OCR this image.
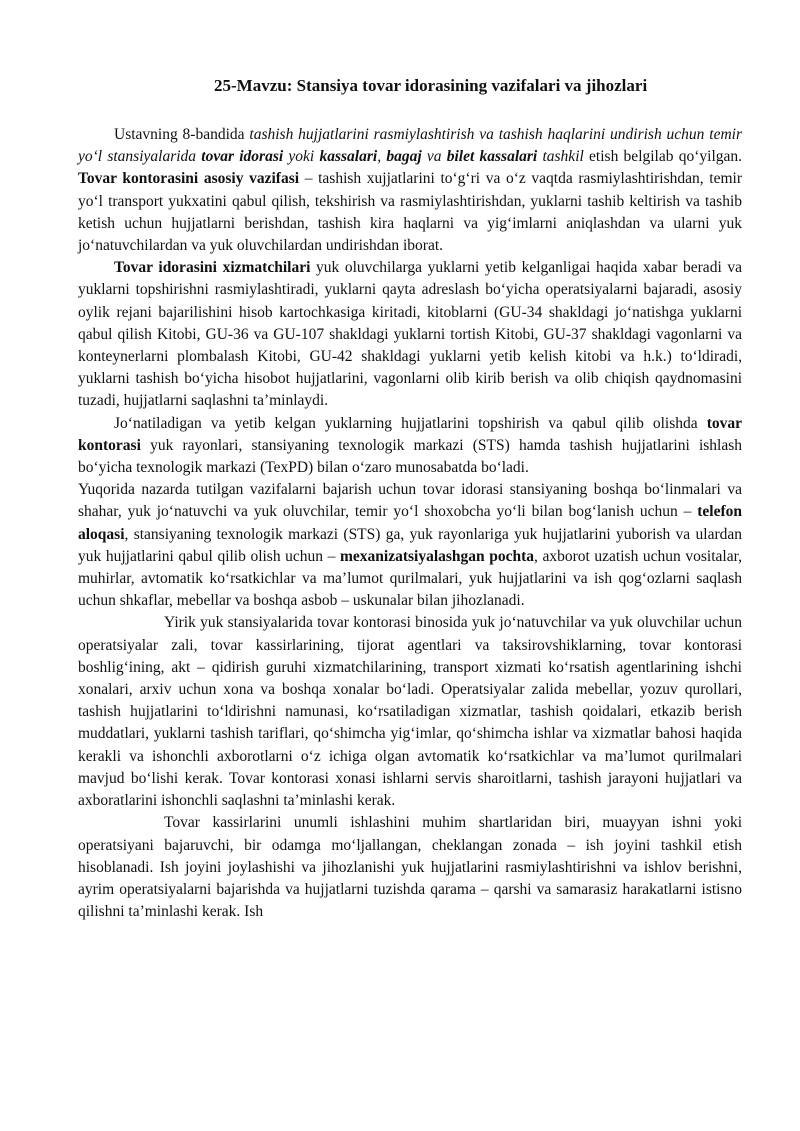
25-Mavzu: Stansiya tovar idorasining vazifalari va jihozlari

Ustavning 8-bandida tashish hujjatlarini rasmiylashtirish va tashish haqlarini undirish uchun temir yo‘l stansiyalarida tovar idorasi yoki kassalari, bagaj va bilet kassalari tashkil etish belgilab qo‘yilgan. Tovar kontorasini asosiy vazifasi – tashish xujjatlarini to‘g‘ri va o‘z vaqtda rasmiylashtirishdan, temir yo‘l transport yukxatini qabul qilish, tekshirish va rasmiylashtirishdan, yuklarni tashib keltirish va tashib ketish uchun hujjatlarni berishdan, tashish kira haqlarni va yig‘imlarni aniqlashdan va ularni yuk jo‘natuvchilardan va yuk oluvchilardan undirishdan iborat.

Tovar idorasini xizmatchilari yuk oluvchilarga yuklarni yetib kelganligai haqida xabar beradi va yuklarni topshirishni rasmiylashtiradi, yuklarni qayta adreslash bo‘yicha operatsiyalarni bajaradi, asosiy oylik rejani bajarilishini hisob kartochkasiga kiritadi, kitoblarni (GU-34 shakldagi jo‘natishga yuklarni qabul qilish Kitobi, GU-36 va GU-107 shakldagi yuklarni tortish Kitobi, GU-37 shakldagi vagonlarni va konteynerlarni plombalash Kitobi, GU-42 shakldagi yuklarni yetib kelish kitobi va h.k.) to‘ldiradi, yuklarni tashish bo‘yicha hisobot hujjatlarini, vagonlarni olib kirib berish va olib chiqish qaydnomasini tuzadi, hujjatlarni saqlashni ta’minlaydi.

Jo‘natiladigan va yetib kelgan yuklarning hujjatlarini topshirish va qabul qilib olishda tovar kontorasi yuk rayonlari, stansiyaning texnologik markazi (STS) hamda tashish hujjatlarini ishlash bo‘yicha texnologik markazi (TexPD) bilan o‘zaro munosabatda bo‘ladi.

Yuqorida nazarda tutilgan vazifalarni bajarish uchun tovar idorasi stansiyaning boshqa bo‘linmalari va shahar, yuk jo‘natuvchi va yuk oluvchilar, temir yo‘l shoxobcha yo‘li bilan bog‘lanish uchun – telefon aloqasi, stansiyaning texnologik markazi (STS) ga, yuk rayonlariga yuk hujjatlarini yuborish va ulardan yuk hujjatlarini qabul qilib olish uchun – mexanizatsiyalashgan pochta, axborot uzatish uchun vositalar, muhirlar, avtomatik ko‘rsatkichlar va ma’lumot qurilmalari, yuk hujjatlarini va ish qog‘ozlarni saqlash uchun shkaflar, mebellar va boshqa asbob – uskunalar bilan jihozlanadi.

Yirik yuk stansiyalarida tovar kontorasi binosida yuk jo‘natuvchilar va yuk oluvchilar uchun operatsiyalar zali, tovar kassirlarining, tijorat agentlari va taksirovshiklarning, tovar kontorasi boshlig‘ining, akt – qidirish guruhi xizmatchilarining, transport xizmati ko‘rsatish agentlarining ishchi xonalari, arxiv uchun xona va boshqa xonalar bo‘ladi. Operatsiyalar zalida mebellar, yozuv qurollari, tashish hujjatlarini to‘ldirishni namunasi, ko‘rsatiladigan xizmatlar, tashish qoidalari, etkazib berish muddatlari, yuklarni tashish tariflari, qo‘shimcha yig‘imlar, qo‘shimcha ishlar va xizmatlar bahosi haqida kerakli va ishonchli axborotlarni o‘z ichiga olgan avtomatik ko‘rsatkichlar va ma’lumot qurilmalari mavjud bo‘lishi kerak. Tovar kontorasi xonasi ishlarni servis sharoitlarni, tashish jarayoni hujjatlari va axboratlarini ishonchli saqlashni ta’minlashi kerak.

Tovar kassirlarini unumli ishlashini muhim shartlaridan biri, muayyan ishni yoki operatsiyani bajaruvchi, bir odamga mo‘ljallangan, cheklangan zonada – ish joyini tashkil etish hisoblanadi. Ish joyini joylashishi va jihozlanishi yuk hujjatlarini rasmiylashtirishni va ishlov berishni, ayrim operatsiyalarni bajarishda va hujjatlarni tuzishda qarama – qarshi va samarasiz harakatlarni istisno qilishni ta’minlashi kerak. Ish
